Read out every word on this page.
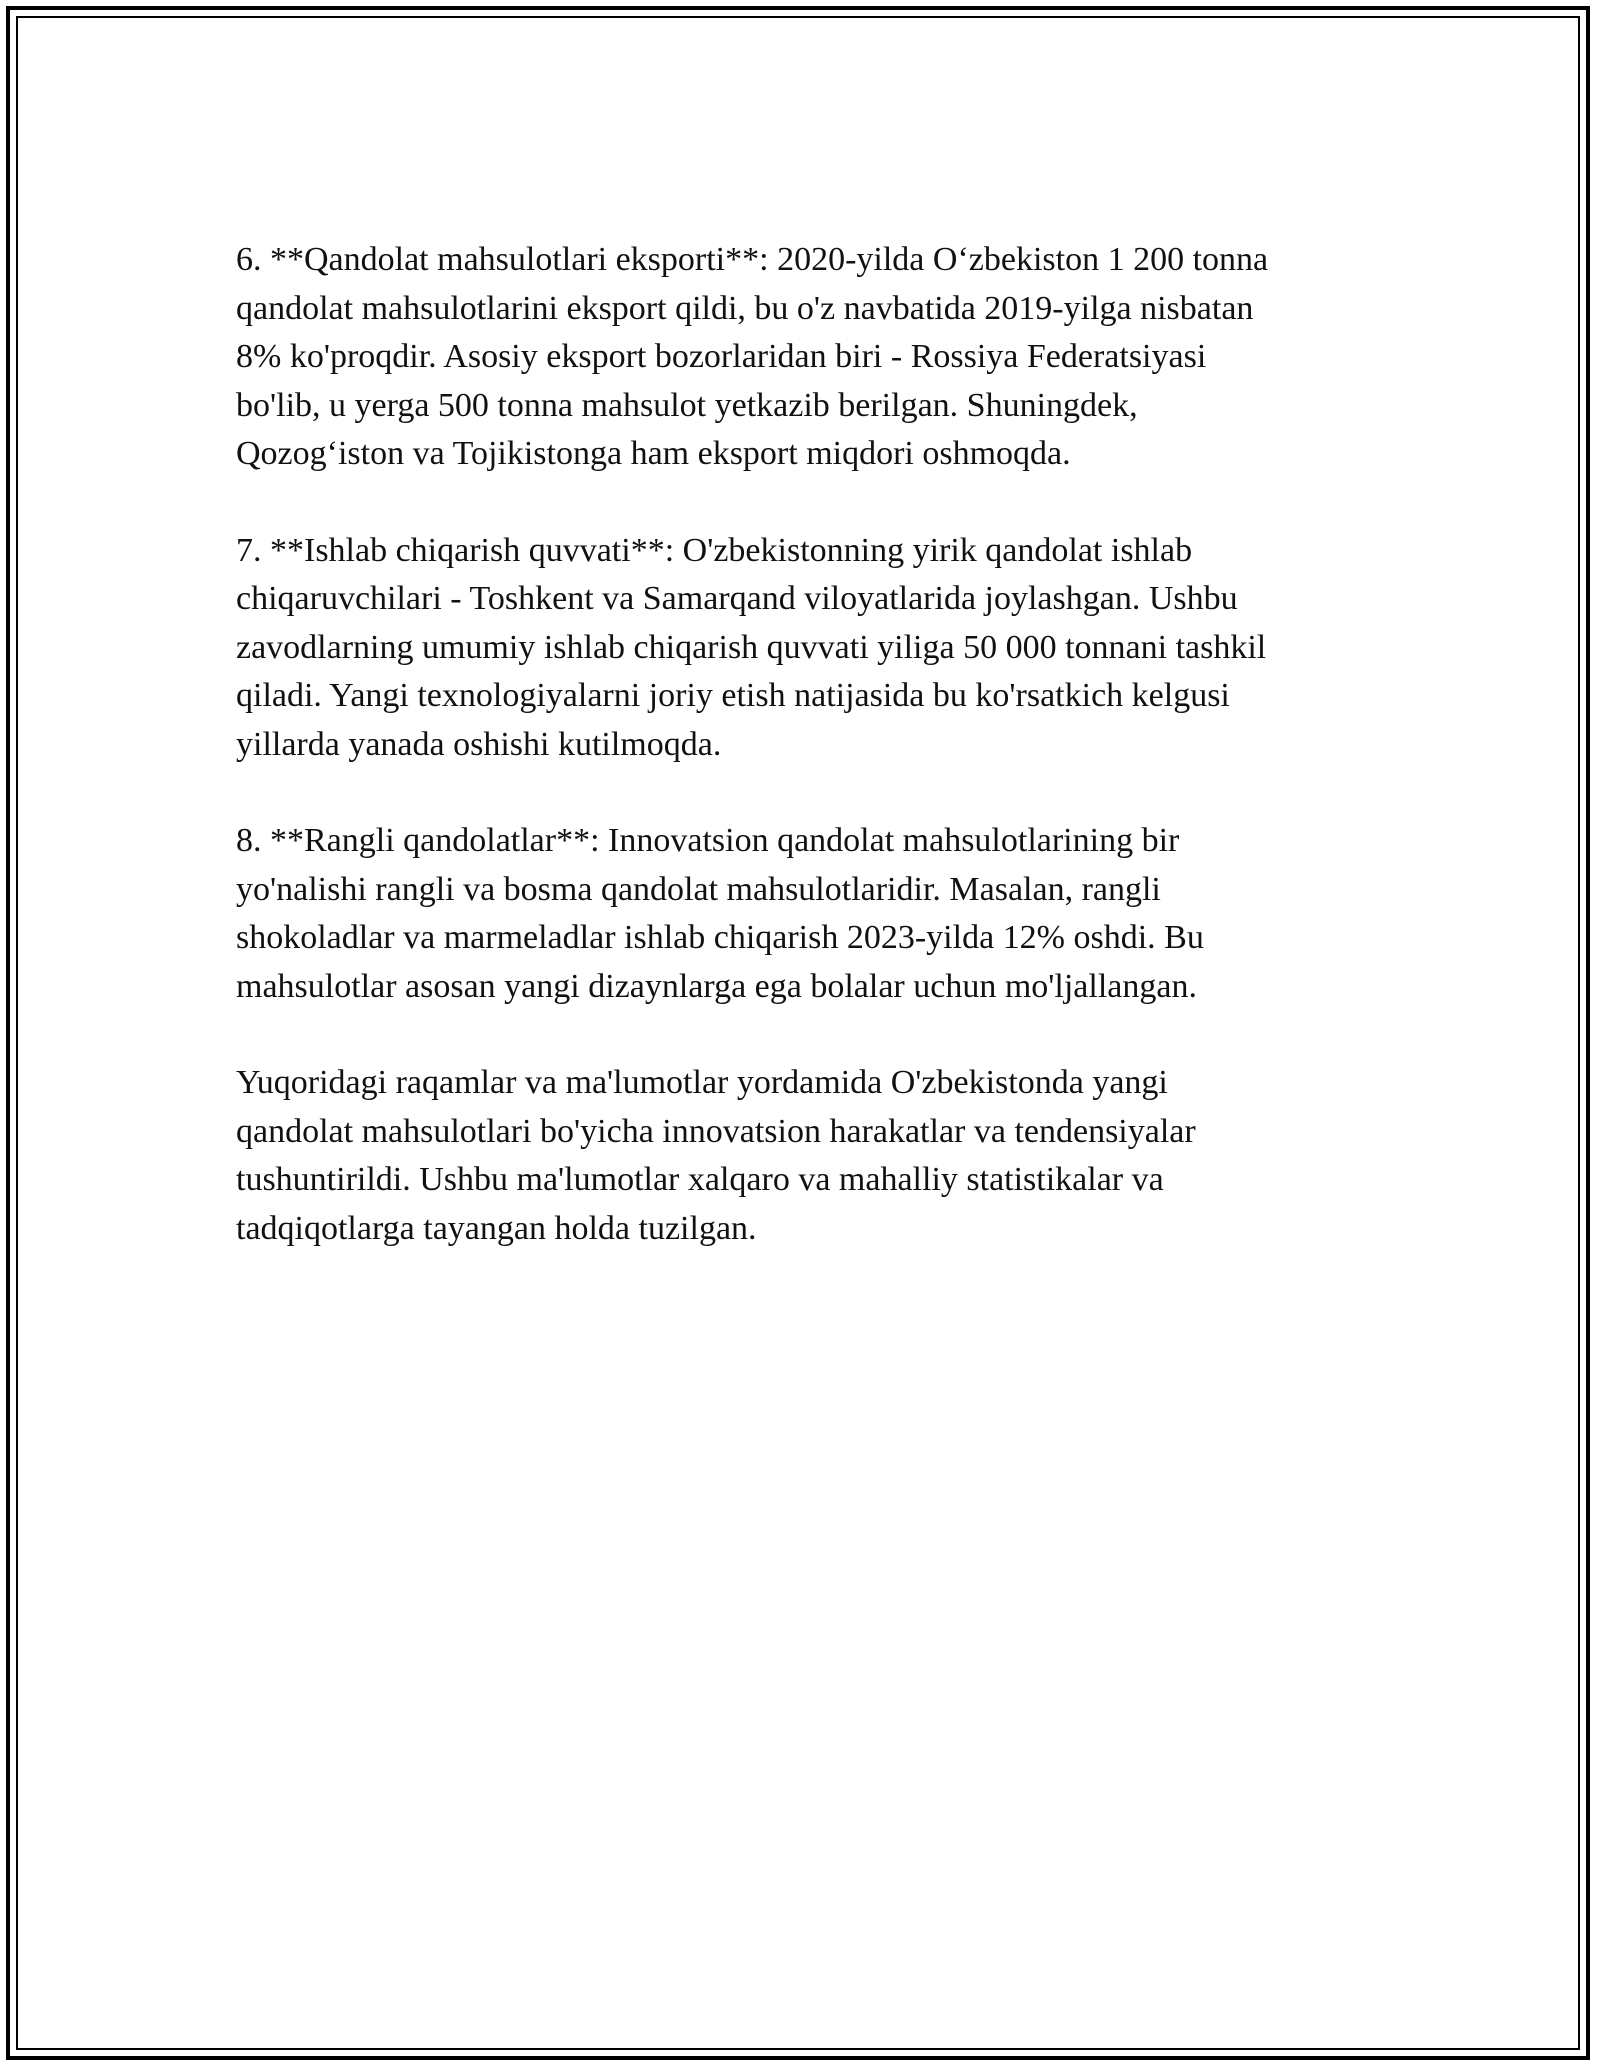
6. **Qandolat mahsulotlari eksporti**: 2020-yilda O‘zbekiston 1 200 tonna
qandolat mahsulotlarini eksport qildi, bu o'z navbatida 2019-yilga nisbatan
8% ko'proqdir. Asosiy eksport bozorlaridan biri - Rossiya Federatsiyasi
bo'lib, u yerga 500 tonna mahsulot yetkazib berilgan. Shuningdek,
Qozog‘iston va Tojikistonga ham eksport miqdori oshmoqda.

7. **Ishlab chiqarish quvvati**: O'zbekistonning yirik qandolat ishlab
chiqaruvchilari - Toshkent va Samarqand viloyatlarida joylashgan. Ushbu
zavodlarning umumiy ishlab chiqarish quvvati yiliga 50 000 tonnani tashkil
qiladi. Yangi texnologiyalarni joriy etish natijasida bu ko'rsatkich kelgusi
yillarda yanada oshishi kutilmoqda.

8. **Rangli qandolatlar**: Innovatsion qandolat mahsulotlarining bir
yo'nalishi rangli va bosma qandolat mahsulotlaridir. Masalan, rangli
shokoladlar va marmeladlar ishlab chiqarish 2023-yilda 12% oshdi. Bu
mahsulotlar asosan yangi dizaynlarga ega bolalar uchun mo'ljallangan.

Yuqoridagi raqamlar va ma'lumotlar yordamida O'zbekistonda yangi
qandolat mahsulotlari bo'yicha innovatsion harakatlar va tendensiyalar
tushuntirildi. Ushbu ma'lumotlar xalqaro va mahalliy statistikalar va
tadqiqotlarga tayangan holda tuzilgan.
